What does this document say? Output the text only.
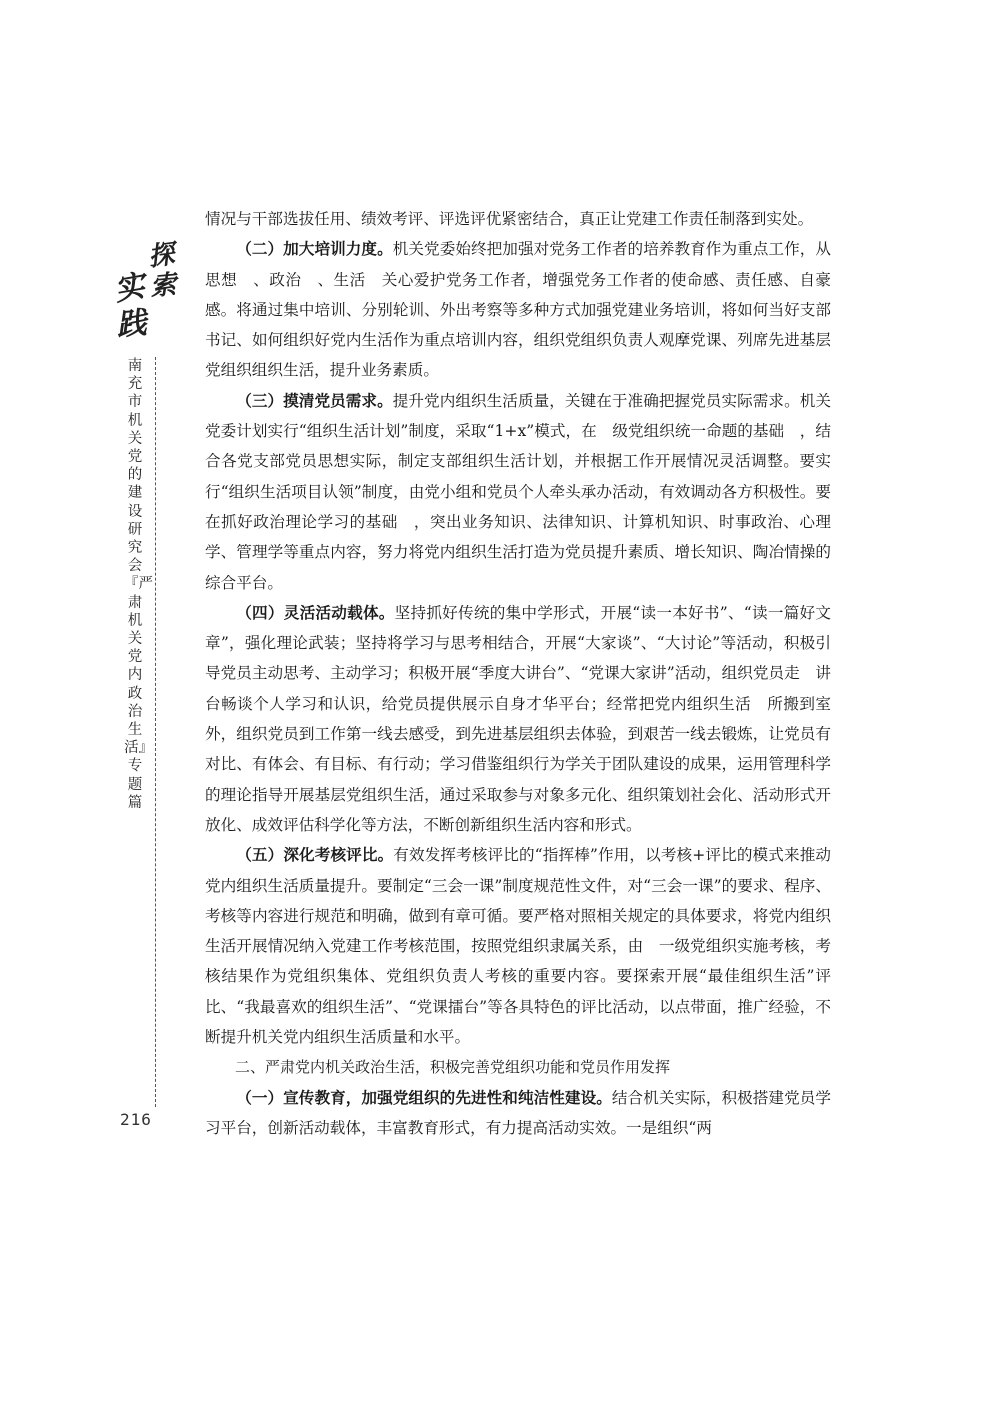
探
索
实
践
南充市机关党的建设研究会『严肃机关党内政治生活』专题篇
216

情况与干部选拔任用、绩效考评、评选评优紧密结合，真正让党建工作责任制落到实处。

（二）加大培训力度。机关党委始终把加强对党务工作者的培养教育作为重点工作，从思想　、政治　、生活　关心爱护党务工作者，增强党务工作者的使命感、责任感、自豪感。将通过集中培训、分别轮训、外出考察等多种方式加强党建业务培训，将如何当好支部书记、如何组织好党内生活作为重点培训内容，组织党组织负责人观摩党课、列席先进基层党组织组织生活，提升业务素质。

（三）摸清党员需求。提升党内组织生活质量，关键在于准确把握党员实际需求。机关党委计划实行“组织生活计划”制度，采取“1+x”模式，在　级党组织统一命题的基础　，结合各党支部党员思想实际，制定支部组织生活计划，并根据工作开展情况灵活调整。要实行“组织生活项目认领”制度，由党小组和党员个人牵头承办活动，有效调动各方积极性。要在抓好政治理论学习的基础　，突出业务知识、法律知识、计算机知识、时事政治、心理学、管理学等重点内容，努力将党内组织生活打造为党员提升素质、增长知识、陶冶情操的综合平台。

（四）灵活活动载体。坚持抓好传统的集中学形式，开展“读一本好书”、“读一篇好文章”，强化理论武装；坚持将学习与思考相结合，开展“大家谈”、“大讨论”等活动，积极引导党员主动思考、主动学习；积极开展“季度大讲台”、“党课大家讲”活动，组织党员走　讲台畅谈个人学习和认识，给党员提供展示自身才华平台；经常把党内组织生活　所搬到室外，组织党员到工作第一线去感受，到先进基层组织去体验，到艰苦一线去锻炼，让党员有对比、有体会、有目标、有行动；学习借鉴组织行为学关于团队建设的成果，运用管理科学的理论指导开展基层党组织生活，通过采取参与对象多元化、组织策划社会化、活动形式开放化、成效评估科学化等方法，不断创新组织生活内容和形式。

（五）深化考核评比。有效发挥考核评比的“指挥棒”作用，以考核+评比的模式来推动党内组织生活质量提升。要制定“三会一课”制度规范性文件，对“三会一课”的要求、程序、考核等内容进行规范和明确，做到有章可循。要严格对照相关规定的具体要求，将党内组织生活开展情况纳入党建工作考核范围，按照党组织隶属关系，由　一级党组织实施考核，考核结果作为党组织集体、党组织负责人考核的重要内容。要探索开展“最佳组织生活”评比、“我最喜欢的组织生活”、“党课擂台”等各具特色的评比活动，以点带面，推广经验，不断提升机关党内组织生活质量和水平。

二、严肃党内机关政治生活，积极完善党组织功能和党员作用发挥

（一）宣传教育，加强党组织的先进性和纯洁性建设。结合机关实际，积极搭建党员学习平台，创新活动载体，丰富教育形式，有力提高活动实效。一是组织“两
